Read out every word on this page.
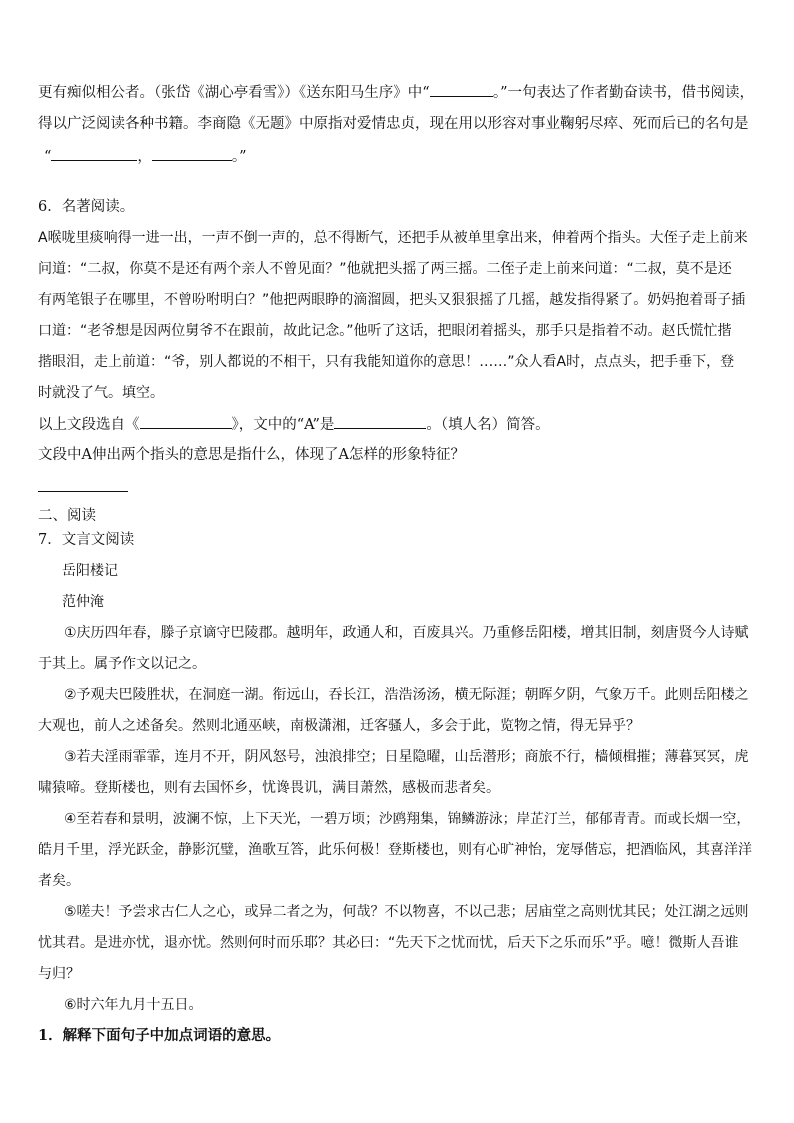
更有痴似相公者。（张岱《湖心亭看雪》）《送东阳马生序》中“	。”一句表达了作者勤奋读书，借书阅读，
得以广泛阅读各种书籍。李商隐《无题》中原指对爱情忠贞，现在用以形容对事业鞠躬尽瘁、死而后已的名句是
“	，	。”
6．名著阅读。
A喉咙里痰响得一进一出，一声不倒一声的，总不得断气，还把手从被单里拿出来，伸着两个指头。大侄子走上前来
问道：“二叔，你莫不是还有两个亲人不曾见面？”他就把头摇了两三摇。二侄子走上前来问道：“二叔，莫不是还
有两笔银子在哪里，不曾吩咐明白？”他把两眼睁的滴溜圆，把头又狠狠摇了几摇，越发指得紧了。奶妈抱着哥子插
口道：“老爷想是因两位舅爷不在跟前，故此记念。”他听了这话，把眼闭着摇头，那手只是指着不动。赵氏慌忙揩
揩眼泪，走上前道：“爷，别人都说的不相干，只有我能知道你的意思！……”众人看A时，点点头，把手垂下，登
时就没了气。填空。
以上文段选自《	》，文中的“A”是	。（填人名）简答。
文段中A伸出两个指头的意思是指什么，体现了A怎样的形象特征？
二、阅读
7．文言文阅读
岳阳楼记
范仲淹
①庆历四年春，滕子京谪守巴陵郡。越明年，政通人和，百废具兴。乃重修岳阳楼，增其旧制，刻唐贤今人诗赋
于其上。属予作文以记之。
②予观夫巴陵胜状，在洞庭一湖。衔远山，吞长江，浩浩汤汤，横无际涯；朝晖夕阴，气象万千。此则岳阳楼之
大观也，前人之述备矣。然则北通巫峡，南极潇湘，迁客骚人，多会于此，览物之情，得无异乎？
③若夫淫雨霏霏，连月不开，阴风怒号，浊浪排空；日星隐曜，山岳潜形；商旅不行，樯倾楫摧；薄暮冥冥，虎
啸猿啼。登斯楼也，则有去国怀乡，忧谗畏讥，满目萧然，感极而悲者矣。
④至若春和景明，波澜不惊，上下天光，一碧万顷；沙鸥翔集，锦鳞游泳；岸芷汀兰，郁郁青青。而或长烟一空，
皓月千里，浮光跃金，静影沉璧，渔歌互答，此乐何极！登斯楼也，则有心旷神怡，宠辱偕忘，把酒临风，其喜洋洋
者矣。
⑤嗟夫！予尝求古仁人之心，或异二者之为，何哉？不以物喜，不以己悲；居庙堂之高则忧其民；处江湖之远则
忧其君。是进亦忧，退亦忧。然则何时而乐耶？其必曰：“先天下之忧而忧，后天下之乐而乐”乎。噫！微斯人吾谁
与归？
⑥时六年九月十五日。
1．解释下面句子中加点词语的意思。
